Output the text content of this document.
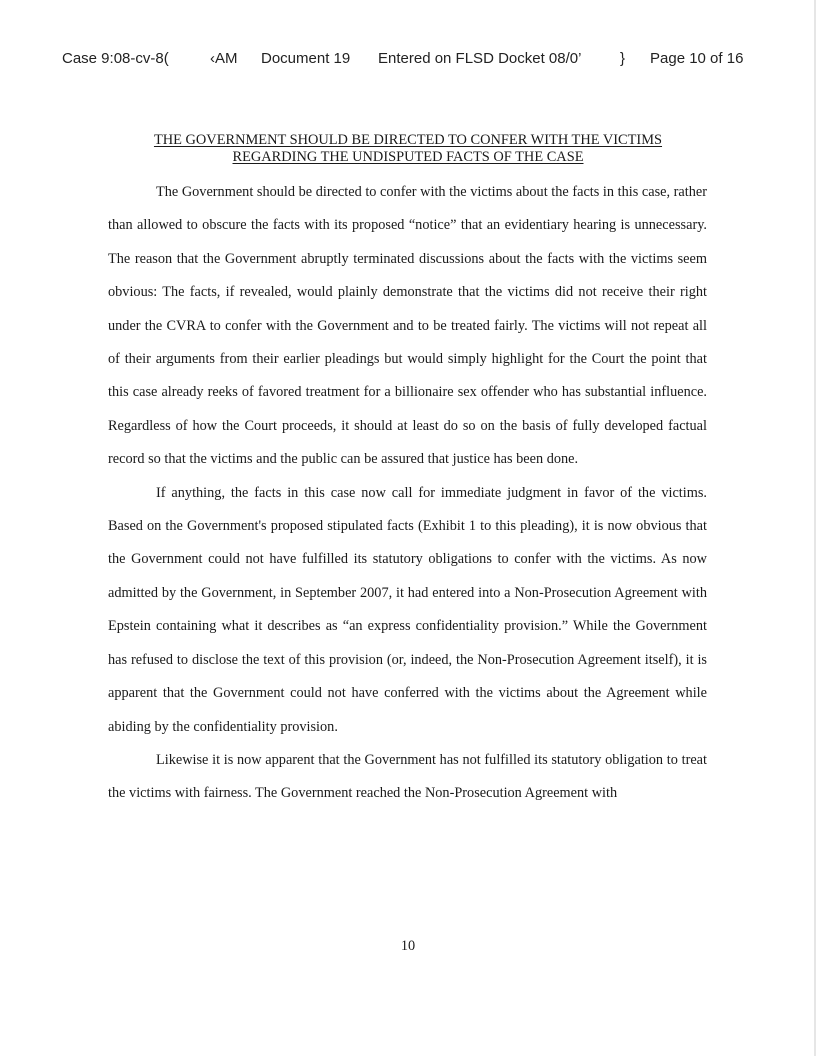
Case 9:08-cv-8(	‹AM Document 19 Entered on FLSD Docket 08/0’	} Page 10 of 16
THE GOVERNMENT SHOULD BE DIRECTED TO CONFER WITH THE VICTIMS
REGARDING THE UNDISPUTED FACTS OF THE CASE

The Government should be directed to confer with the victims about the facts in this case, rather than allowed to obscure the facts with its proposed “notice” that an evidentiary hearing is unnecessary. The reason that the Government abruptly terminated discussions about the facts with the victims seem obvious: The facts, if revealed, would plainly demonstrate that the victims did not receive their right under the CVRA to confer with the Government and to be treated fairly. The victims will not repeat all of their arguments from their earlier pleadings but would simply highlight for the Court the point that this case already reeks of favored treatment for a billionaire sex offender who has substantial influence. Regardless of how the Court proceeds, it should at least do so on the basis of fully developed factual record so that the victims and the public can be assured that justice has been done.

If anything, the facts in this case now call for immediate judgment in favor of the victims. Based on the Government's proposed stipulated facts (Exhibit 1 to this pleading), it is now obvious that the Government could not have fulfilled its statutory obligations to confer with the victims. As now admitted by the Government, in September 2007, it had entered into a Non-Prosecution Agreement with Epstein containing what it describes as “an express confidentiality provision.” While the Government has refused to disclose the text of this provision (or, indeed, the Non-Prosecution Agreement itself), it is apparent that the Government could not have conferred with the victims about the Agreement while abiding by the confidentiality provision.

Likewise it is now apparent that the Government has not fulfilled its statutory obligation to treat the victims with fairness. The Government reached the Non-Prosecution Agreement with

10
